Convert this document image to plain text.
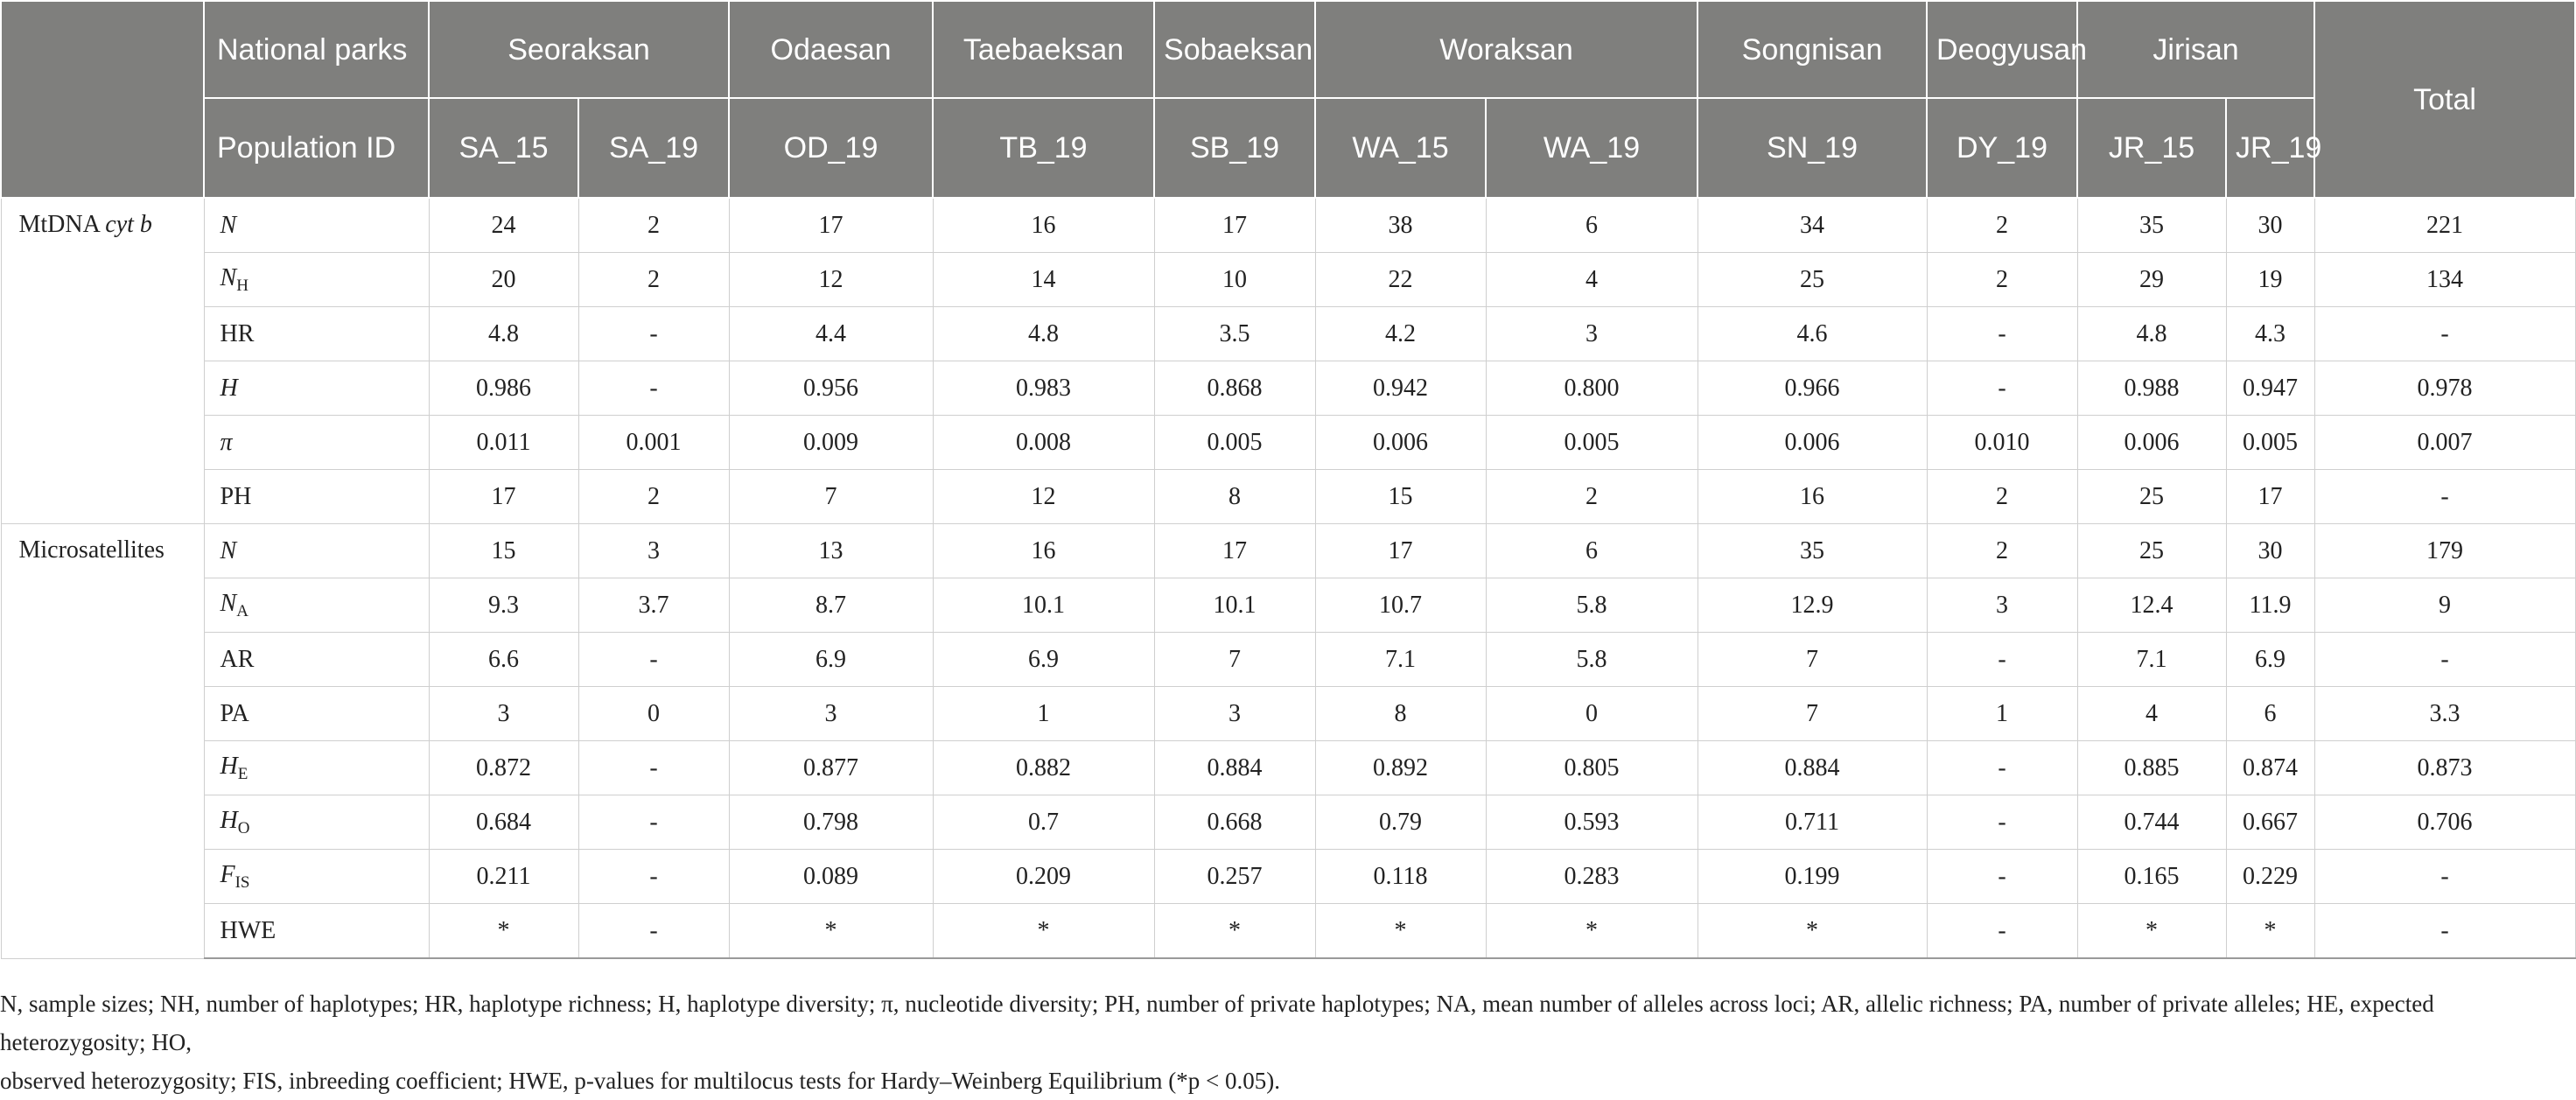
	National parks	Seoraksan		Odaesan	Taebaeksan	Sobaeksan	Woraksan		Songnisan	Deogyusan	Jirisan		Total
	Population ID	SA_15	SA_19	OD_19	TB_19	SB_19	WA_15	WA_19	SN_19	DY_19	JR_15	JR_19	
MtDNA cyt b	N	24	2	17	16	17	38	6	34	2	35	30	221
	$N_H$	20	2	12	14	10	22	4	25	2	29	19	134
	HR	4.8	-	4.4	4.8	3.5	4.2	3	4.6	-	4.8	4.3	-
	H	0.986	-	0.956	0.983	0.868	0.942	0.800	0.966	-	0.988	0.947	0.978
	π	0.011	0.001	0.009	0.008	0.005	0.006	0.005	0.006	0.010	0.006	0.005	0.007
	PH	17	2	7	12	8	15	2	16	2	25	17	-
Microsatellites	N	15	3	13	16	17	17	6	35	2	25	30	179
	$N_A$	9.3	3.7	8.7	10.1	10.1	10.7	5.8	12.9	3	12.4	11.9	9
	AR	6.6	-	6.9	6.9	7	7.1	5.8	7	-	7.1	6.9	-
	PA	3	0	3	1	3	8	0	7	1	4	6	3.3
	$H_E$	0.872	-	0.877	0.882	0.884	0.892	0.805	0.884	-	0.885	0.874	0.873
	$H_O$	0.684	-	0.798	0.7	0.668	0.79	0.593	0.711	-	0.744	0.667	0.706
	$F_{IS}$	0.211	-	0.089	0.209	0.257	0.118	0.283	0.199	-	0.165	0.229	-
	HWE	*	-	*	*	*	*	*	*	-	*	*	-

N, sample sizes; NH, number of haplotypes; HR, haplotype richness; H, haplotype diversity; π, nucleotide diversity; PH, number of private haplotypes; NA, mean number of alleles across loci; AR, allelic richness; PA, number of private alleles; HE, expected heterozygosity; HO,

observed heterozygosity; FIS, inbreeding coefficient; HWE, p-values for multilocus tests for Hardy–Weinberg Equilibrium (*p < 0.05).
